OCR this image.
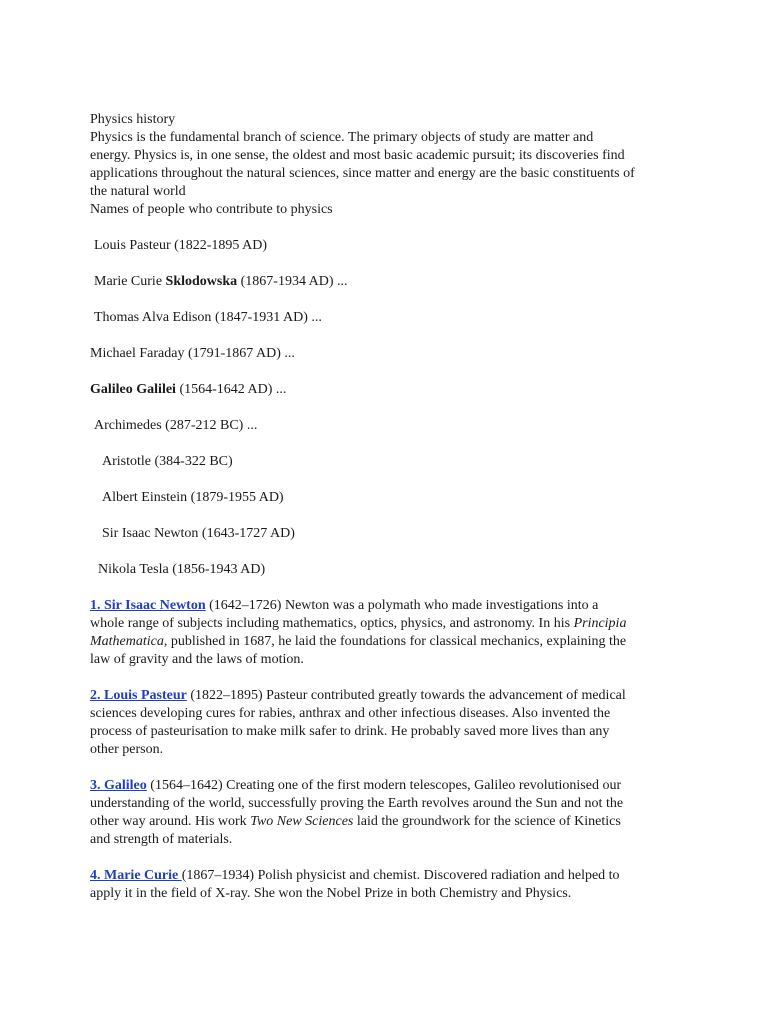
Physics history
Physics is the fundamental branch of science. The primary objects of study are matter and
energy. Physics is, in one sense, the oldest and most basic academic pursuit; its discoveries find
applications throughout the natural sciences, since matter and energy are the basic constituents of
the natural world
Names of people who contribute to physics

Louis Pasteur (1822-1895 AD)

Marie Curie Sklodowska (1867-1934 AD) ...

Thomas Alva Edison (1847-1931 AD) ...

Michael Faraday (1791-1867 AD) ...

Galileo Galilei (1564-1642 AD) ...

Archimedes (287-212 BC) ...

Aristotle (384-322 BC)

Albert Einstein (1879-1955 AD)

Sir Isaac Newton (1643-1727 AD)

Nikola Tesla (1856-1943 AD)

1. Sir Isaac Newton (1642–1726) Newton was a polymath who made investigations into a
whole range of subjects including mathematics, optics, physics, and astronomy. In his Principia
Mathematica, published in 1687, he laid the foundations for classical mechanics, explaining the
law of gravity and the laws of motion.
2. Louis Pasteur (1822–1895) Pasteur contributed greatly towards the advancement of medical
sciences developing cures for rabies, anthrax and other infectious diseases. Also invented the
process of pasteurisation to make milk safer to drink. He probably saved more lives than any
other person.
3. Galileo (1564–1642) Creating one of the first modern telescopes, Galileo revolutionised our
understanding of the world, successfully proving the Earth revolves around the Sun and not the
other way around. His work Two New Sciences laid the groundwork for the science of Kinetics
and strength of materials.
4. Marie Curie (1867–1934) Polish physicist and chemist. Discovered radiation and helped to
apply it in the field of X-ray. She won the Nobel Prize in both Chemistry and Physics.
